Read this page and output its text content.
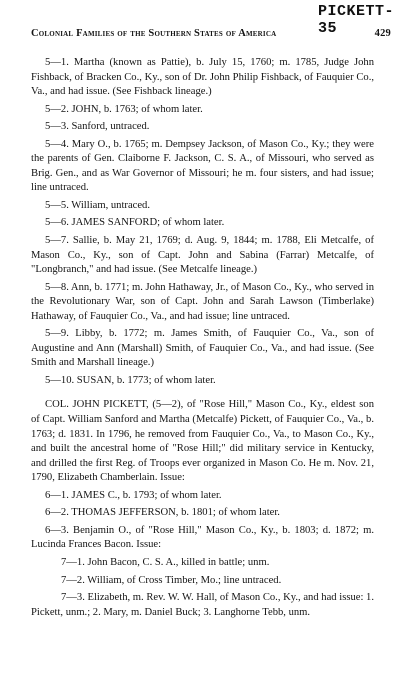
PICKETT-35
Colonial Families of the Southern States of America	429

5—1. Martha (known as Pattie), b. July 15, 1760; m. 1785, Judge John Fishback, of Bracken Co., Ky., son of Dr. John Philip Fishback, of Fauquier Co., Va., and had issue. (See Fishback lineage.)

5—2. JOHN, b. 1763; of whom later.

5—3. Sanford, untraced.

5—4. Mary O., b. 1765; m. Dempsey Jackson, of Mason Co., Ky.; they were the parents of Gen. Claiborne F. Jackson, C. S. A., of Missouri, who served as Brig. Gen., and as War Governor of Missouri; he m. four sisters, and had issue; line untraced.

5—5. William, untraced.

5—6. JAMES SANFORD; of whom later.

5—7. Sallie, b. May 21, 1769; d. Aug. 9, 1844; m. 1788, Eli Metcalfe, of Mason Co., Ky., son of Capt. John and Sabina (Farrar) Metcalfe, of "Longbranch," and had issue. (See Metcalfe lineage.)

5—8. Ann, b. 1771; m. John Hathaway, Jr., of Mason Co., Ky., who served in the Revolutionary War, son of Capt. John and Sarah Lawson (Timberlake) Hathaway, of Fauquier Co., Va., and had issue; line untraced.

5—9. Libby, b. 1772; m. James Smith, of Fauquier Co., Va., son of Augustine and Ann (Marshall) Smith, of Fauquier Co., Va., and had issue. (See Smith and Marshall lineage.)

5—10. SUSAN, b. 1773; of whom later.

COL. JOHN PICKETT, (5—2), of "Rose Hill," Mason Co., Ky., eldest son of Capt. William Sanford and Martha (Metcalfe) Pickett, of Fauquier Co., Va., b. 1763; d. 1831. In 1796, he removed from Fauquier Co., Va., to Mason Co., Ky., and built the ancestral home of "Rose Hill;" did military service in Kentucky, and drilled the first Reg. of Troops ever organized in Mason Co. He m. Nov. 21, 1790, Elizabeth Chamberlain. Issue:

6—1. JAMES C., b. 1793; of whom later.

6—2. THOMAS JEFFERSON, b. 1801; of whom later.

6—3. Benjamin O., of "Rose Hill," Mason Co., Ky., b. 1803; d. 1872; m. Lucinda Frances Bacon. Issue:

7—1. John Bacon, C. S. A., killed in battle; unm.

7—2. William, of Cross Timber, Mo.; line untraced.

7—3. Elizabeth, m. Rev. W. W. Hall, of Mason Co., Ky., and had issue: 1. Pickett, unm.; 2. Mary, m. Daniel Buck; 3. Langhorne Tebb, unm.
